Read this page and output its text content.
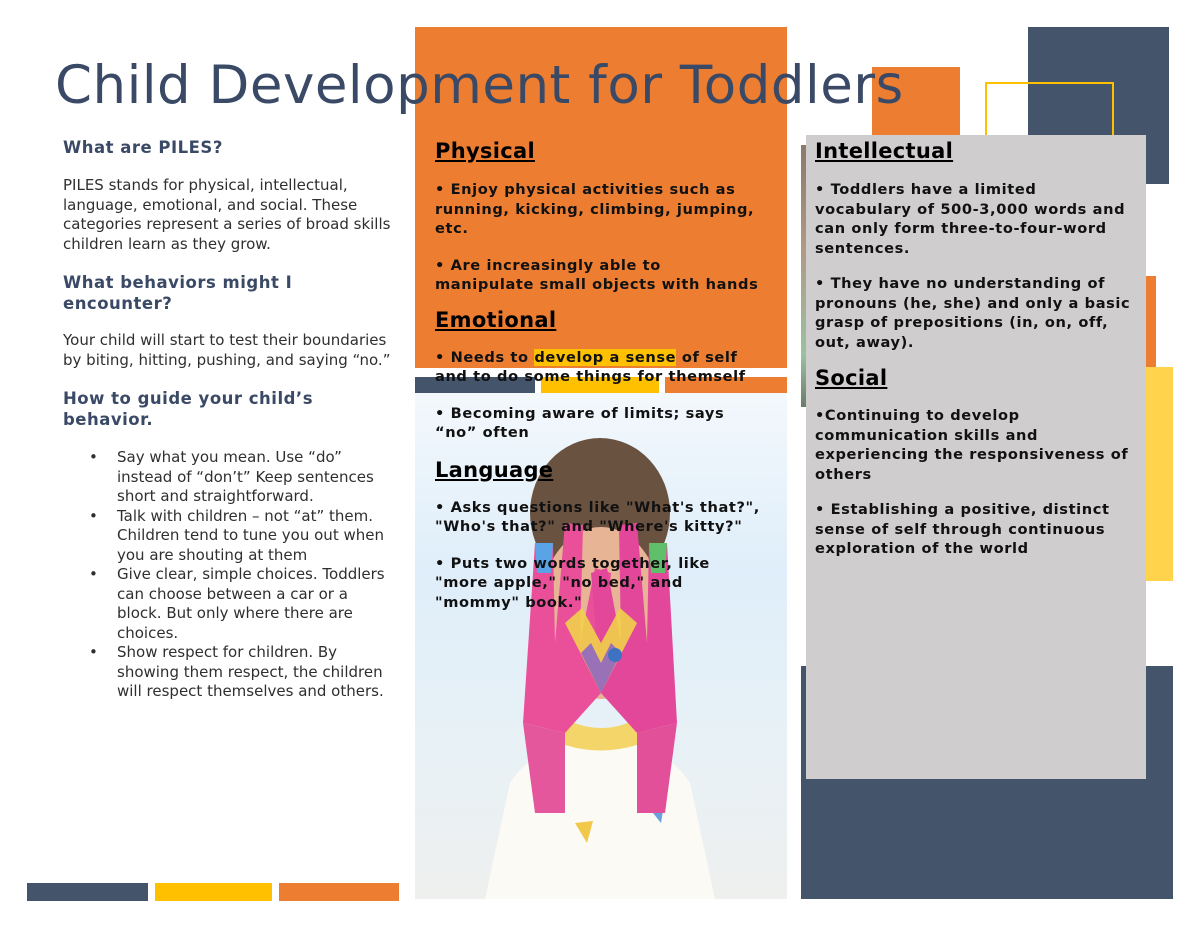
Child Development for Toddlers
What are PILES?

PILES stands for physical, intellectual, language, emotional, and social. These categories represent a series of broad skills children learn as they grow.

What behaviors might I encounter?

Your child will start to test their boundaries by biting, hitting, pushing, and saying “no.”

How to guide your child’s behavior.
• Say what you mean. Use “do” instead of “don’t” Keep sentences short and straightforward.
• Talk with children – not “at” them. Children tend to tune you out when you are shouting at them
• Give clear, simple choices. Toddlers can choose between a car or a block. But only where there are choices.
• Show respect for children. By showing them respect, the children will respect themselves and others.
Physical

• Enjoy physical activities such as running, kicking, climbing, jumping, etc.

• Are increasingly able to manipulate small objects with hands

Emotional

• Needs to develop a sense of self and to do some things for themself

• Becoming aware of limits; says “no” often

Language

• Asks questions like "What's that?", "Who's that?" and "Where's kitty?"

• Puts two words together, like "more apple," "no bed," and "mommy" book."

Intellectual

• Toddlers have a limited vocabulary of 500-3,000 words and can only form three-to-four-word sentences.

• They have no understanding of pronouns (he, she) and only a basic grasp of prepositions (in, on, off, out, away).

Social

•Continuing to develop communication skills and experiencing the responsiveness of others

• Establishing a positive, distinct sense of self through continuous exploration of the world
